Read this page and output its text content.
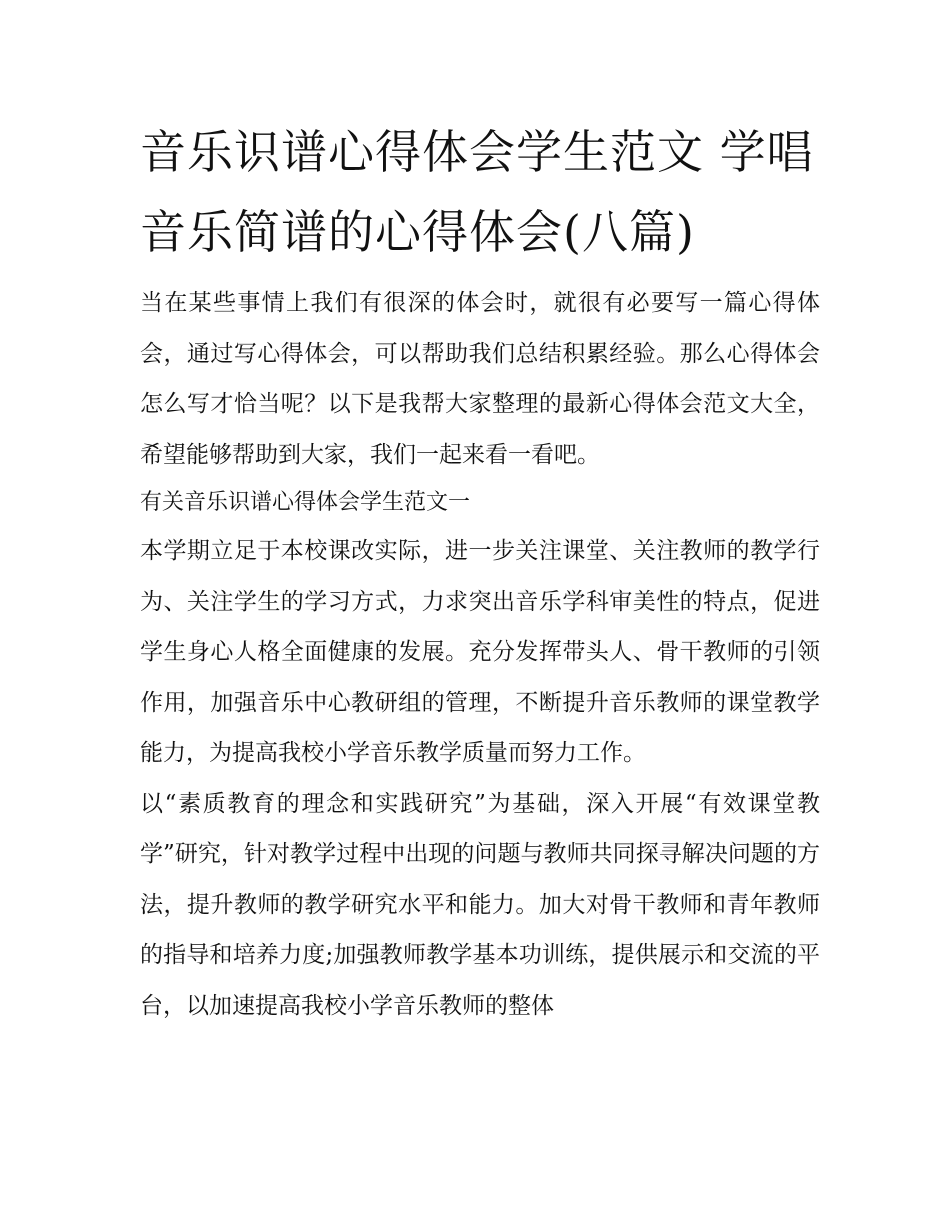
音乐识谱心得体会学生范文 学唱音乐简谱的心得体会(八篇)

当在某些事情上我们有很深的体会时，就很有必要写一篇心得体会，通过写心得体会，可以帮助我们总结积累经验。那么心得体会怎么写才恰当呢？以下是我帮大家整理的最新心得体会范文大全，希望能够帮助到大家，我们一起来看一看吧。

有关音乐识谱心得体会学生范文一

本学期立足于本校课改实际，进一步关注课堂、关注教师的教学行为、关注学生的学习方式，力求突出音乐学科审美性的特点，促进学生身心人格全面健康的发展。充分发挥带头人、骨干教师的引领作用，加强音乐中心教研组的管理，不断提升音乐教师的课堂教学能力，为提高我校小学音乐教学质量而努力工作。

以“素质教育的理念和实践研究”为基础，深入开展“有效课堂教学”研究，针对教学过程中出现的问题与教师共同探寻解决问题的方法，提升教师的教学研究水平和能力。加大对骨干教师和青年教师的指导和培养力度;加强教师教学基本功训练，提供展示和交流的平台，以加速提高我校小学音乐教师的整体
